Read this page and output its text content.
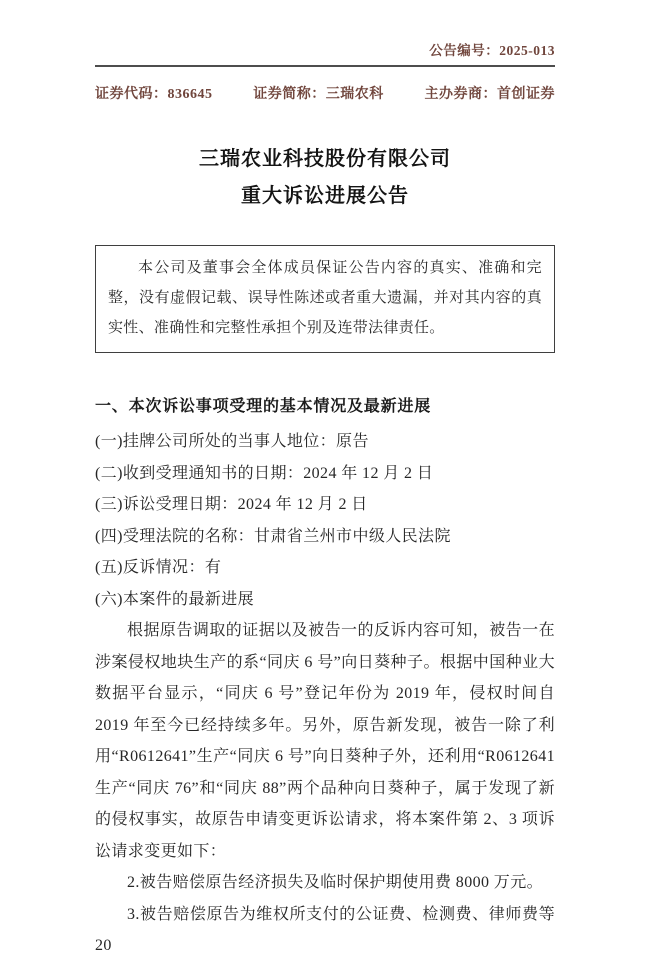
公告编号：2025-013
证券代码：836645	证券简称：三瑞农科	主办券商：首创证券
三瑞农业科技股份有限公司
重大诉讼进展公告

本公司及董事会全体成员保证公告内容的真实、准确和完整，没有虚假记载、误导性陈述或者重大遗漏，并对其内容的真实性、准确性和完整性承担个别及连带法律责任。

一、本次诉讼事项受理的基本情况及最新进展
(一)挂牌公司所处的当事人地位：原告
(二)收到受理通知书的日期：2024 年 12 月 2 日
(三)诉讼受理日期：2024 年 12 月 2 日
(四)受理法院的名称：甘肃省兰州市中级人民法院
(五)反诉情况：有
(六)本案件的最新进展

根据原告调取的证据以及被告一的反诉内容可知，被告一在涉案侵权地块生产的系“同庆 6 号”向日葵种子。根据中国种业大数据平台显示，“同庆 6 号”登记年份为 2019 年，侵权时间自 2019 年至今已经持续多年。另外，原告新发现，被告一除了利用“R0612641”生产“同庆 6 号”向日葵种子外，还利用“R0612641 生产“同庆 76”和“同庆 88”两个品种向日葵种子，属于发现了新的侵权事实，故原告申请变更诉讼请求，将本案件第 2、3 项诉讼请求变更如下：

2.被告赔偿原告经济损失及临时保护期使用费 8000 万元。

3.被告赔偿原告为维权所支付的公证费、检测费、律师费等 20
